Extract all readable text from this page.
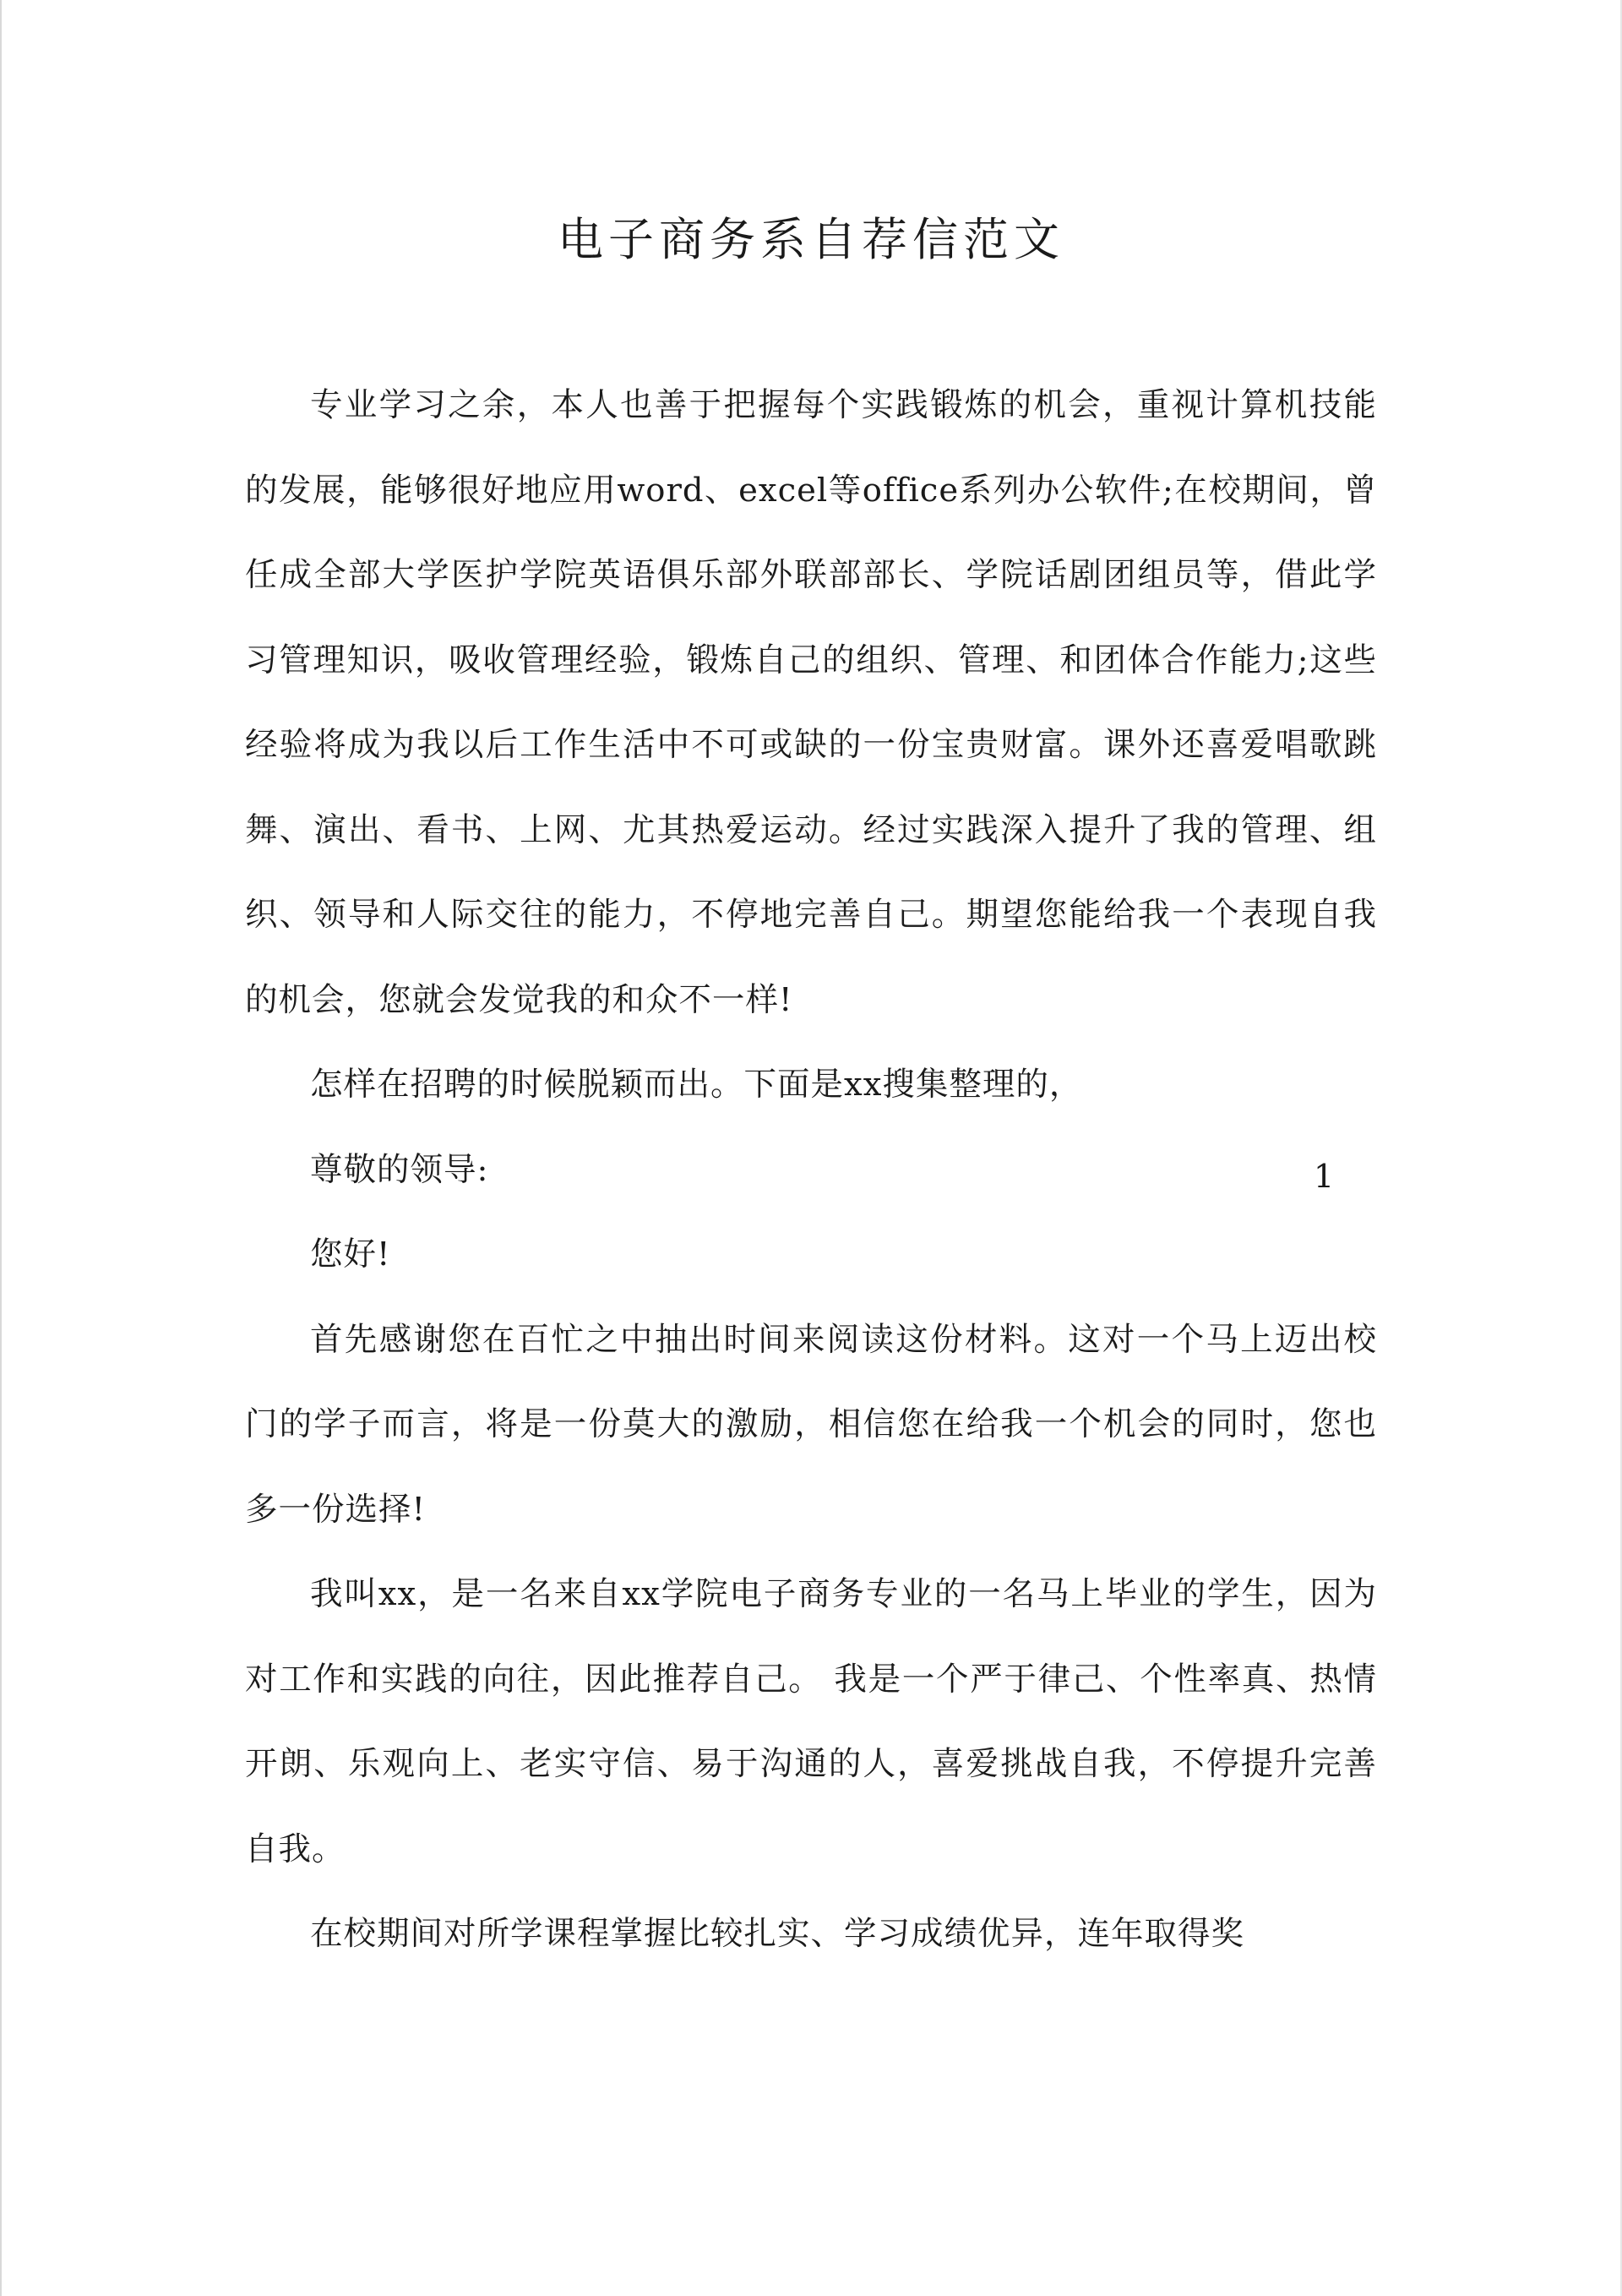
电子商务系自荐信范文

专业学习之余，本人也善于把握每个实践锻炼的机会，重视计算机技能的发展，能够很好地应用word、excel等office系列办公软件;在校期间，曾任成全部大学医护学院英语俱乐部外联部部长、学院话剧团组员等，借此学习管理知识，吸收管理经验，锻炼自己的组织、管理、和团体合作能力;这些经验将成为我以后工作生活中不可或缺的一份宝贵财富。课外还喜爱唱歌跳舞、演出、看书、上网、尤其热爱运动。经过实践深入提升了我的管理、组织、领导和人际交往的能力，不停地完善自己。期望您能给我一个表现自我的机会，您就会发觉我的和众不一样!

怎样在招聘的时候脱颖而出。下面是xx搜集整理的，

尊敬的领导:

您好!

首先感谢您在百忙之中抽出时间来阅读这份材料。这对一个马上迈出校门的学子而言，将是一份莫大的激励，相信您在给我一个机会的同时，您也多一份选择!

我叫xx，是一名来自xx学院电子商务专业的一名马上毕业的学生，因为对工作和实践的向往，因此推荐自己。 我是一个严于律己、个性率真、热情开朗、乐观向上、老实守信、易于沟通的人，喜爱挑战自我，不停提升完善自我。

在校期间对所学课程掌握比较扎实、学习成绩优异，连年取得奖

1
